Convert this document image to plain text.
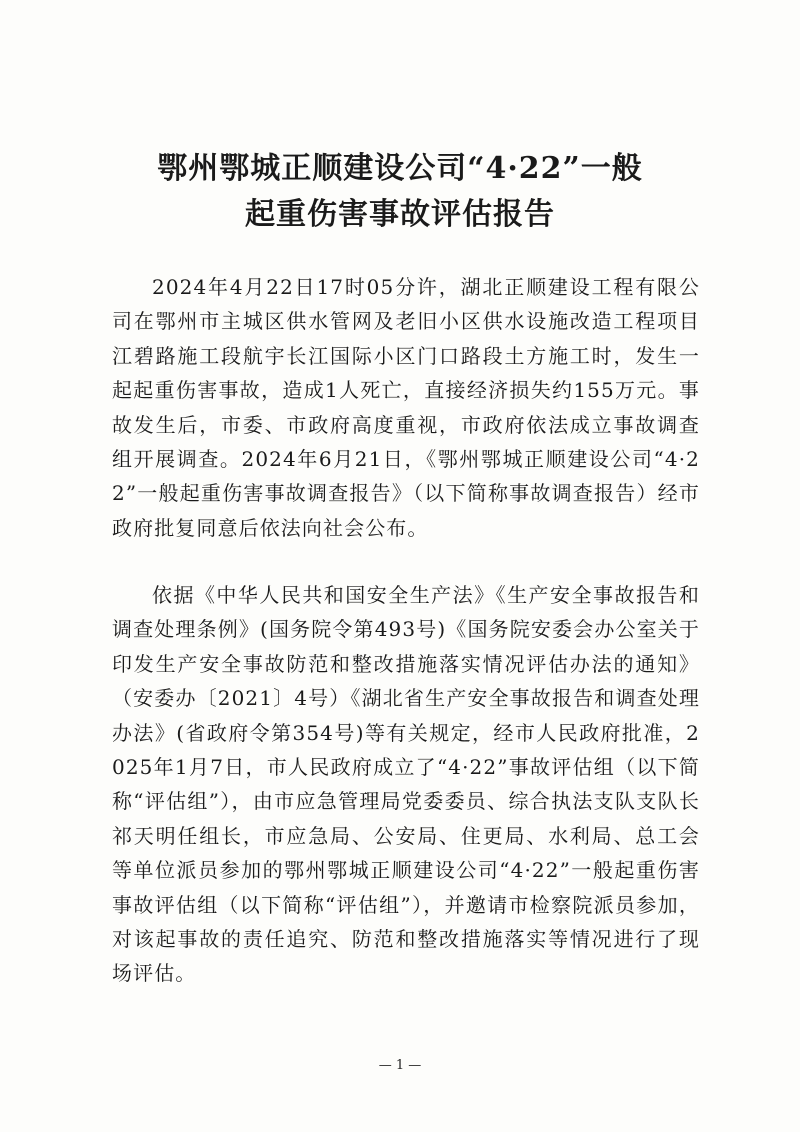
鄂州鄂城正顺建设公司“4·22”一般
起重伤害事故评估报告

2024年4月22日17时05分许，湖北正顺建设工程有限公司在鄂州市主城区供水管网及老旧小区供水设施改造工程项目江碧路施工段航宇长江国际小区门口路段土方施工时，发生一起起重伤害事故，造成1人死亡，直接经济损失约155万元。事故发生后，市委、市政府高度重视，市政府依法成立事故调查组开展调查。2024年6月21日，《鄂州鄂城正顺建设公司“4·22”一般起重伤害事故调查报告》（以下简称事故调查报告）经市政府批复同意后依法向社会公布。

依据《中华人民共和国安全生产法》《生产安全事故报告和调查处理条例》(国务院令第493号)《国务院安委会办公室关于印发生产安全事故防范和整改措施落实情况评估办法的通知》（安委办〔2021〕4号）《湖北省生产安全事故报告和调查处理办法》(省政府令第354号)等有关规定，经市人民政府批准，2025年1月7日，市人民政府成立了“4·22”事故评估组（以下简称“评估组”），由市应急管理局党委委员、综合执法支队支队长祁天明任组长，市应急局、公安局、住更局、水利局、总工会等单位派员参加的鄂州鄂城正顺建设公司“4·22”一般起重伤害事故评估组（以下简称“评估组”），并邀请市检察院派员参加，对该起事故的责任追究、防范和整改措施落实等情况进行了现场评估。

— 1 —
